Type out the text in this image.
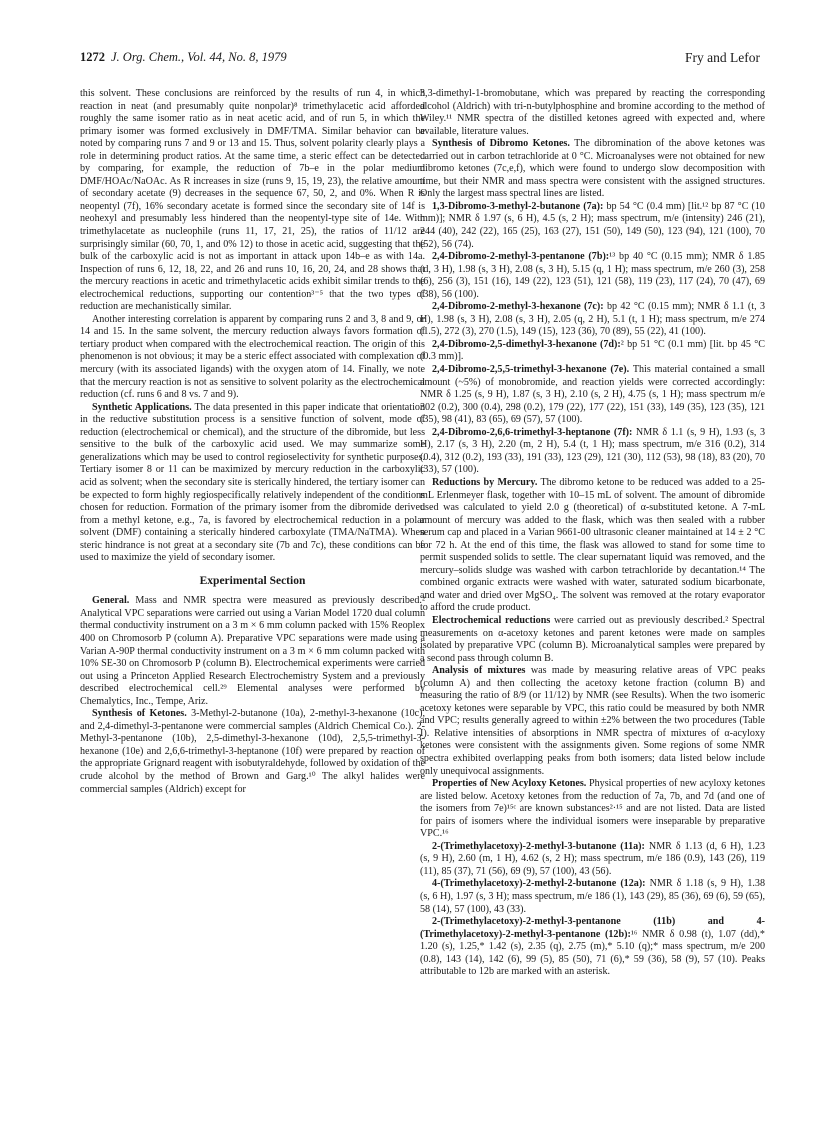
1272 J. Org. Chem., Vol. 44, No. 8, 1979	Fry and Lefor

this solvent. These conclusions are reinforced by the results of run 4, in which reaction in neat (and presumably quite nonpolar)⁸ trimethylacetic acid afforded roughly the same isomer ratio as in neat acetic acid, and of run 5, in which the primary isomer was formed exclusively in DMF/TMA. Similar behavior can be noted by comparing runs 7 and 9 or 13 and 15. Thus, solvent polarity clearly plays a role in determining product ratios. At the same time, a steric effect can be detected by comparing, for example, the reduction of 7b–e in the polar medium DMF/HOAc/NaOAc. As R increases in size (runs 9, 15, 19, 23), the relative amount of secondary acetate (9) decreases in the sequence 67, 50, 2, and 0%. When R is neopentyl (7f), 16% secondary acetate is formed since the secondary site of 14f is neohexyl and presumably less hindered than the neopentyl-type site of 14e. With trimethylacetate as nucleophile (runs 11, 17, 21, 25), the ratios of 11/12 are surprisingly similar (60, 70, 1, and 0% 12) to those in acetic acid, suggesting that the bulk of the carboxylic acid is not as important in attack upon 14b–e as with 14a. Inspection of runs 6, 12, 18, 22, and 26 and runs 10, 16, 20, 24, and 28 shows that the mercury reactions in acetic and trimethylacetic acids exhibit similar trends to the electrochemical reductions, supporting our contention³⁻⁵ that the two types of reduction are mechanistically similar.

Another interesting correlation is apparent by comparing runs 2 and 3, 8 and 9, or 14 and 15. In the same solvent, the mercury reduction always favors formation of tertiary product when compared with the electrochemical reaction. The origin of this phenomenon is not obvious; it may be a steric effect associated with complexation of mercury (with its associated ligands) with the oxygen atom of 14. Finally, we note that the mercury reaction is not as sensitive to solvent polarity as the electrochemical reduction (cf. runs 6 and 8 vs. 7 and 9).

Synthetic Applications. The data presented in this paper indicate that orientation in the reductive substitution process is a sensitive function of solvent, mode of reduction (electrochemical or chemical), and the structure of the dibromide, but less sensitive to the bulk of the carboxylic acid used. We may summarize some generalizations which may be used to control regioselectivity for synthetic purposes. Tertiary isomer 8 or 11 can be maximized by mercury reduction in the carboxylic acid as solvent; when the secondary site is sterically hindered, the tertiary isomer can be expected to form highly regiospecifically relatively independent of the conditions chosen for reduction. Formation of the primary isomer from the dibromide derived from a methyl ketone, e.g., 7a, is favored by electrochemical reduction in a polar solvent (DMF) containing a sterically hindered carboxylate (TMA/NaTMA). When steric hindrance is not great at a secondary site (7b and 7c), these conditions can be used to maximize the yield of secondary isomer.

Experimental Section

General. Mass and NMR spectra were measured as previously described.² Analytical VPC separations were carried out using a Varian Model 1720 dual column thermal conductivity instrument on a 3 m × 6 mm column packed with 15% Reoplex 400 on Chromosorb P (column A). Preparative VPC separations were made using a Varian A-90P thermal conductivity instrument on a 3 m × 6 mm column packed with 10% SE-30 on Chromosorb P (column B). Electrochemical experiments were carried out using a Princeton Applied Research Electrochemistry System and a previously described electrochemical cell.²⁹ Elemental analyses were performed by Chemalytics, Inc., Tempe, Ariz.

Synthesis of Ketones. 3-Methyl-2-butanone (10a), 2-methyl-3-hexanone (10c), and 2,4-dimethyl-3-pentanone were commercial samples (Aldrich Chemical Co.). 2-Methyl-3-pentanone (10b), 2,5-dimethyl-3-hexanone (10d), 2,5,5-trimethyl-3-hexanone (10e) and 2,6,6-trimethyl-3-heptanone (10f) were prepared by reaction of the appropriate Grignard reagent with isobutyraldehyde, followed by oxidation of the crude alcohol by the method of Brown and Garg.¹⁰ The alkyl halides were commercial samples (Aldrich) except for

3,3-dimethyl-1-bromobutane, which was prepared by reacting the corresponding alcohol (Aldrich) with tri-n-butylphosphine and bromine according to the method of Wiley.¹¹ NMR spectra of the distilled ketones agreed with expected and, where available, literature values.

Synthesis of Dibromo Ketones. The dibromination of the above ketones was carried out in carbon tetrachloride at 0 °C. Microanalyses were not obtained for new dibromo ketones (7c,e,f), which were found to undergo slow decomposition with time, but their NMR and mass spectra were consistent with the assigned structures. Only the largest mass spectral lines are listed.

1,3-Dibromo-3-methyl-2-butanone (7a): bp 54 °C (0.4 mm) [lit.¹² bp 87 °C (10 mm)]; NMR δ 1.97 (s, 6 H), 4.5 (s, 2 H); mass spectrum, m/e (intensity) 246 (21), 244 (40), 242 (22), 165 (25), 163 (27), 151 (50), 149 (50), 123 (94), 121 (100), 70 (52), 56 (74).

2,4-Dibromo-2-methyl-3-pentanone (7b):¹³ bp 40 °C (0.15 mm); NMR δ 1.85 (d, 3 H), 1.98 (s, 3 H), 2.08 (s, 3 H), 5.15 (q, 1 H); mass spectrum, m/e 260 (3), 258 (6), 256 (3), 151 (16), 149 (22), 123 (51), 121 (58), 119 (23), 117 (24), 70 (47), 69 (38), 56 (100).

2,4-Dibromo-2-methyl-3-hexanone (7c): bp 42 °C (0.15 mm); NMR δ 1.1 (t, 3 H), 1.98 (s, 3 H), 2.08 (s, 3 H), 2.05 (q, 2 H), 5.1 (t, 1 H); mass spectrum, m/e 274 (1.5), 272 (3), 270 (1.5), 149 (15), 123 (36), 70 (89), 55 (22), 41 (100).

2,4-Dibromo-2,5-dimethyl-3-hexanone (7d):² bp 51 °C (0.1 mm) [lit. bp 45 °C (0.3 mm)].

2,4-Dibromo-2,5,5-trimethyl-3-hexanone (7e). This material contained a small amount (~5%) of monobromide, and reaction yields were corrected accordingly: NMR δ 1.25 (s, 9 H), 1.87 (s, 3 H), 2.10 (s, 2 H), 4.75 (s, 1 H); mass spectrum m/e 302 (0.2), 300 (0.4), 298 (0.2), 179 (22), 177 (22), 151 (33), 149 (35), 123 (35), 121 (35), 98 (41), 83 (65), 69 (57), 57 (100).

2,4-Dibromo-2,6,6-trimethyl-3-heptanone (7f): NMR δ 1.1 (s, 9 H), 1.93 (s, 3 H), 2.17 (s, 3 H), 2.20 (m, 2 H), 5.4 (t, 1 H); mass spectrum, m/e 316 (0.2), 314 (0.4), 312 (0.2), 193 (33), 191 (33), 123 (29), 121 (30), 112 (53), 98 (18), 83 (20), 70 (33), 57 (100).

Reductions by Mercury. The dibromo ketone to be reduced was added to a 25-mL Erlenmeyer flask, together with 10–15 mL of solvent. The amount of dibromide used was calculated to yield 2.0 g (theoretical) of α-substituted ketone. A 7-mL amount of mercury was added to the flask, which was then sealed with a rubber serum cap and placed in a Varian 9661-00 ultrasonic cleaner maintained at 14 ± 2 °C for 72 h. At the end of this time, the flask was allowed to stand for some time to permit suspended solids to settle. The clear supernatant liquid was removed, and the mercury–solids sludge was washed with carbon tetrachloride by decantation.¹⁴ The combined organic extracts were washed with water, saturated sodium bicarbonate, and water and dried over MgSO₄. The solvent was removed at the rotary evaporator to afford the crude product.

Electrochemical reductions were carried out as previously described.² Spectral measurements on α-acetoxy ketones and parent ketones were made on samples isolated by preparative VPC (column B). Microanalytical samples were prepared by a second pass through column B.

Analysis of mixtures was made by measuring relative areas of VPC peaks (column A) and then collecting the acetoxy ketone fraction (column B) and measuring the ratio of 8/9 (or 11/12) by NMR (see Results). When the two isomeric acetoxy ketones were separable by VPC, this ratio could be measured by both NMR and VPC; results generally agreed to within ±2% between the two procedures (Table I). Relative intensities of absorptions in NMR spectra of mixtures of α-acyloxy ketones were consistent with the assignments given. Some regions of some NMR spectra exhibited overlapping peaks from both isomers; data listed below include only unequivocal assignments.

Properties of New Acyloxy Ketones. Physical properties of new acyloxy ketones are listed below. Acetoxy ketones from the reduction of 7a, 7b, and 7d (and one of the isomers from 7e)¹⁵ᶜ are known substances²·¹⁵ and are not listed. Data are listed for pairs of isomers where the individual isomers were inseparable by preparative VPC.¹⁶

2-(Trimethylacetoxy)-2-methyl-3-butanone (11a): NMR δ 1.13 (d, 6 H), 1.23 (s, 9 H), 2.60 (m, 1 H), 4.62 (s, 2 H); mass spectrum, m/e 186 (0.9), 143 (26), 119 (11), 85 (37), 71 (56), 69 (9), 57 (100), 43 (56).

4-(Trimethylacetoxy)-2-methyl-2-butanone (12a): NMR δ 1.18 (s, 9 H), 1.38 (s, 6 H), 1.97 (s, 3 H); mass spectrum, m/e 186 (1), 143 (29), 85 (36), 69 (6), 59 (65), 58 (14), 57 (100), 43 (33).

2-(Trimethylacetoxy)-2-methyl-3-pentanone (11b) and 4-(Trimethylacetoxy)-2-methyl-3-pentanone (12b):¹⁶ NMR δ 0.98 (t), 1.07 (dd),* 1.20 (s), 1.25,* 1.42 (s), 2.35 (q), 2.75 (m),* 5.10 (q);* mass spectrum, m/e 200 (0.8), 143 (14), 142 (6), 99 (5), 85 (50), 71 (6),* 59 (36), 58 (9), 57 (10). Peaks attributable to 12b are marked with an asterisk.
